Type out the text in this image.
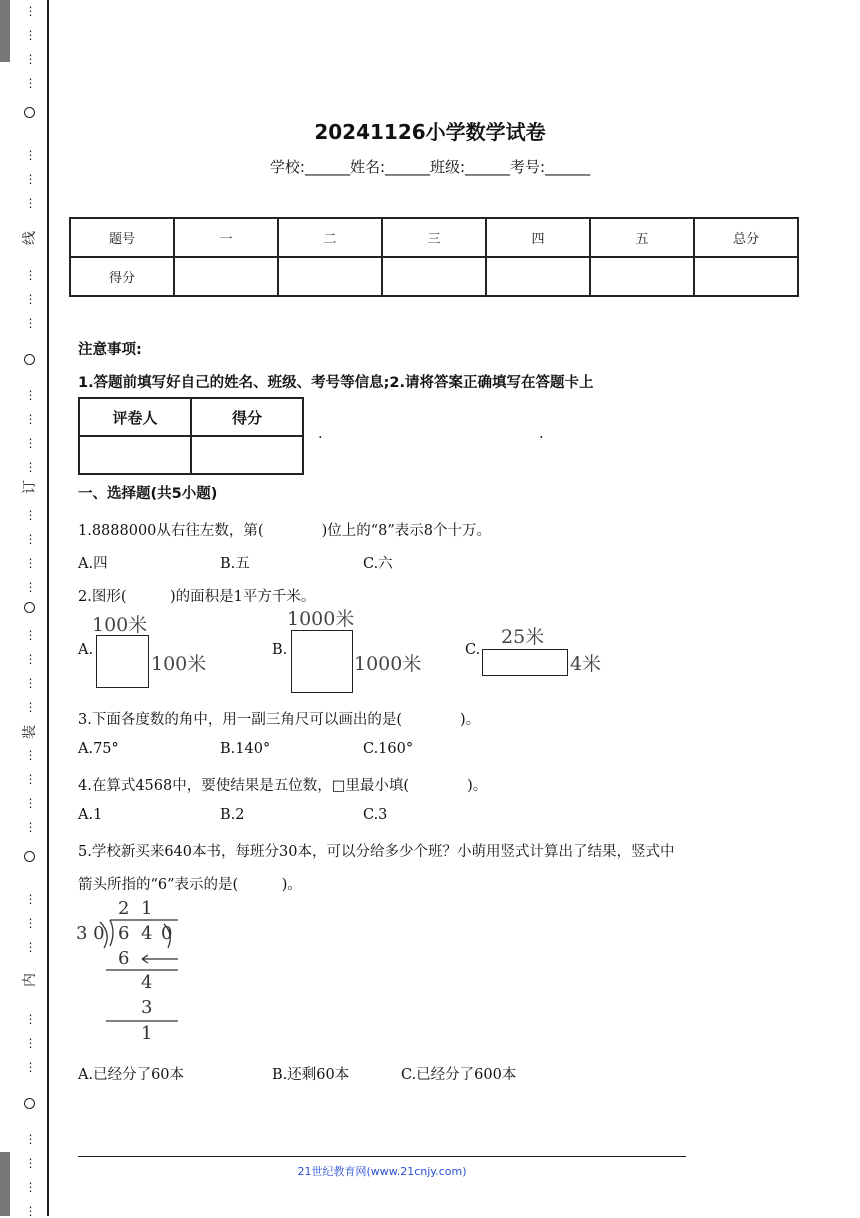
⋮
⋮
⋮
⋮
⋮
⋮
⋮
⋮
⋮
⋮
⋮
⋮
⋮
⋮
⋮
⋮
⋮
⋮
⋮
⋮
⋮
⋮
⋮
⋮
⋮
⋮
⋮
⋮
⋮
⋮
⋮
⋮
⋮
⋮
⋮
⋮
线
订
装
内
20241126小学数学试卷
学校:______姓名:______班级:______考号:______
题号	一	二	三	四	五	总分
得分						
注意事项:
1.答题前填写好自己的姓名、班级、考号等信息;2.请将答案正确填写在答题卡上
评卷人	得分

.	.
一、选择题(共5小题)
1.8888000从右往左数，第(　　　　)位上的“8”表示8个十万。
A.四	B.五	C.六
2.图形(　　　)的面积是1平方千米。
A.
100米
100米
B.
1000米
1000米
C.
25米
4米
3.下面各度数的角中，用一副三角尺可以画出的是(　　　　)。
A.75°	B.140°	C.160°
4.在算式4568中，要使结果是五位数，□里最小填(　　　　)。
A.1	B.2	C.3
5.学校新买来640本书，每班分30本，可以分给多少个班？小萌用竖式计算出了结果，竖式中
箭头所指的“6”表示的是(　　　)。
2 1
3 0 6 4 0
6
4
3
1
A.已经分了60本	B.还剩60本	C.已经分了600本
21世纪教育网(www.21cnjy.com)
